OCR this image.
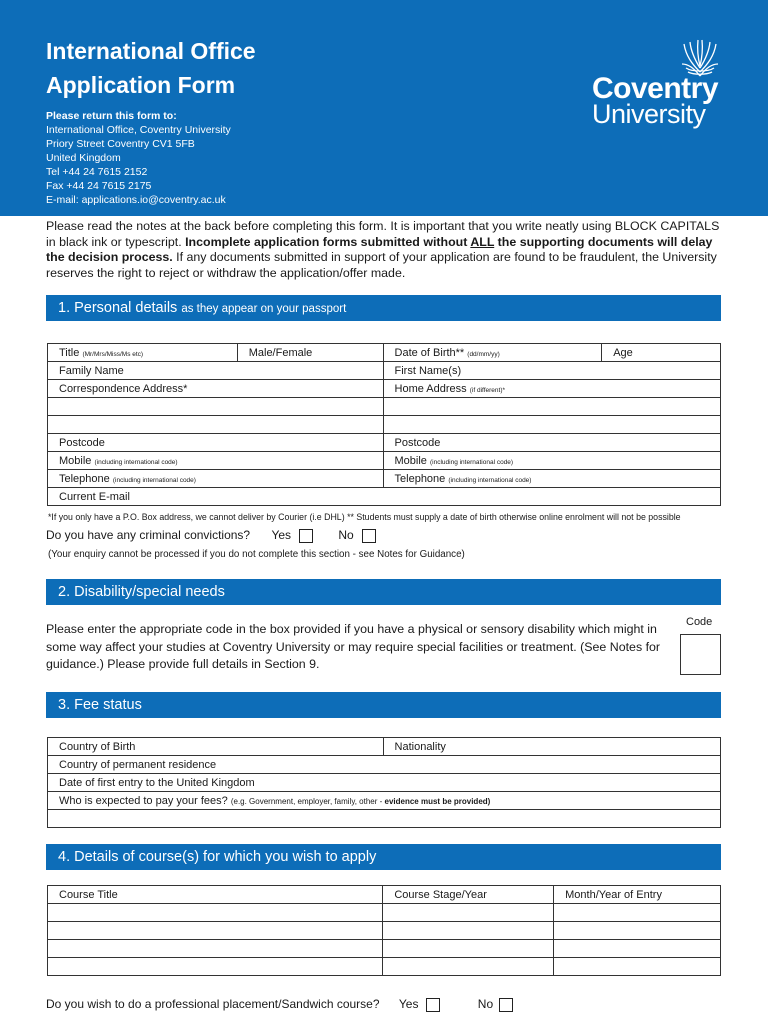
International Office
Application Form
Please return this form to:
International Office, Coventry University
Priory Street Coventry CV1 5FB
United Kingdom
Tel +44 24 7615 2152
Fax +44 24 7615 2175
E-mail: applications.io@coventry.ac.uk
Coventry
University
Please read the notes at the back before completing this form. It is important that you write neatly using BLOCK CAPITALS in black ink or typescript. Incomplete application forms submitted without ALL the supporting documents will delay the decision process. If any documents submitted in support of your application are found to be fraudulent, the University reserves the right to reject or withdraw the application/offer made.
1. Personal details as they appear on your passport
Title (Mr/Mrs/Miss/Ms etc)	Male/Female	Date of Birth** (dd/mm/yy)	Age
Family Name		First Name(s)	
Correspondence Address*		Home Address (if different)*	

Postcode		Postcode	
Mobile (including international code)		Mobile (including international code)	
Telephone (including international code)		Telephone (including international code)	
Current E-mail			
*If you only have a P.O. Box address, we cannot deliver by Courier (i.e DHL) ** Students must supply a date of birth otherwise online enrolment will not be possible
Do you have any criminal convictions? Yes	No
(Your enquiry cannot be processed if you do not complete this section - see Notes for Guidance)
2. Disability/special needs
Please enter the appropriate code in the box provided if you have a physical or sensory disability which might in some way affect your studies at Coventry University or may require special facilities or treatment. (See Notes for guidance.) Please provide full details in Section 9.
Code
3. Fee status
Country of Birth	Nationality
Country of permanent residence
Date of first entry to the United Kingdom
Who is expected to pay your fees? (e.g. Government, employer, family, other - evidence must be provided)

4. Details of course(s) for which you wish to apply
Course Title	Course Stage/Year	Month/Year of Entry

Do you wish to do a professional placement/Sandwich course? Yes	No
